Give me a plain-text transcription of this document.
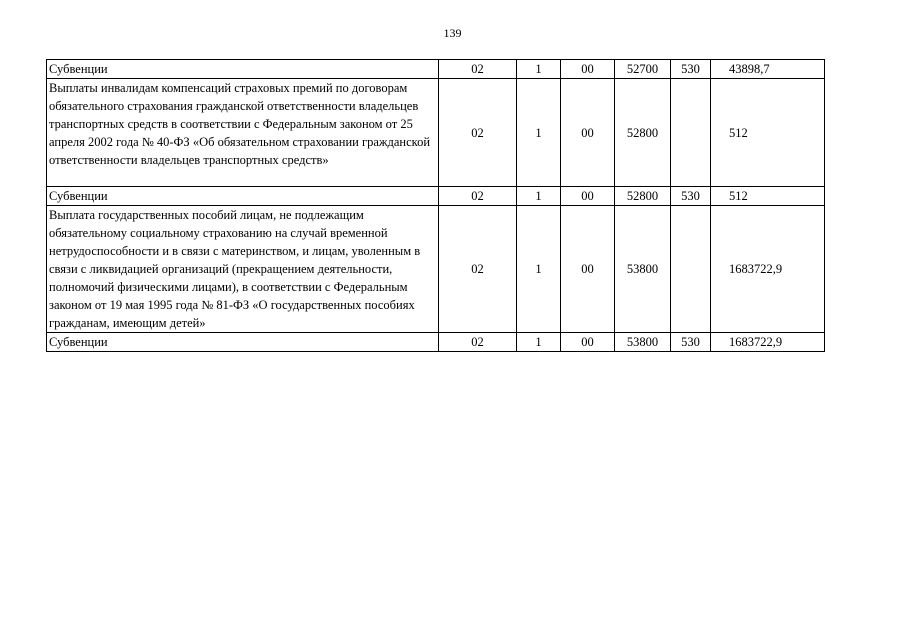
139
Субвенции	02	1	00	52700	530	43898,7
Выплаты инвалидам компенсаций страховых премий по договорам обязательного страхования гражданской ответственности владельцев транспортных средств в соответствии с Федеральным законом от 25 апреля 2002 года № 40-ФЗ «Об обязательном страховании гражданской ответственности владельцев транспортных средств»	02	1	00	52800		512
Субвенции	02	1	00	52800	530	512
Выплата государственных пособий лицам, не подлежащим обязательному социальному страхованию на случай временной нетрудоспособности и в связи с материнством, и лицам, уволенным в связи с ликвидацией организаций (прекращением деятельности, полномочий физическими лицами), в соответствии с Федеральным законом от 19 мая 1995 года № 81-ФЗ «О государственных пособиях гражданам, имеющим детей»	02	1	00	53800		1683722,9
Субвенции	02	1	00	53800	530	1683722,9
